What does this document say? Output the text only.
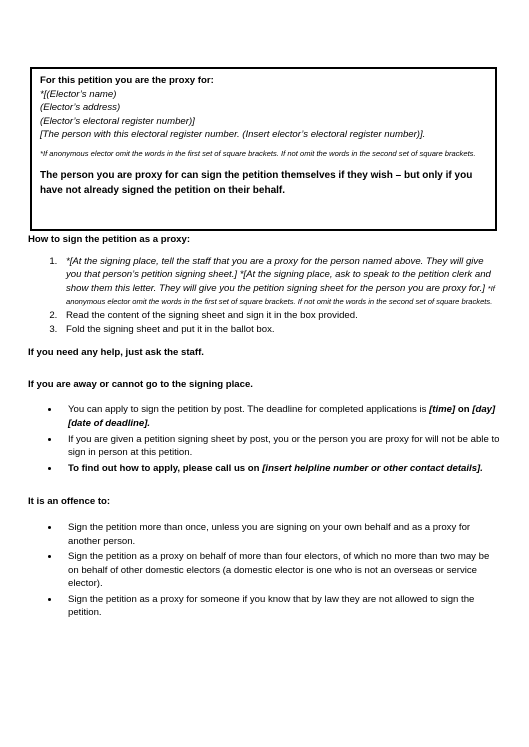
For this petition you are the proxy for:
*[(Elector’s name)
(Elector’s address)
(Elector’s electoral register number)]
[The person with this electoral register number. (Insert elector’s electoral register number)].
*If anonymous elector omit the words in the first set of square brackets. If not omit the words in the second set of square brackets.
The person you are proxy for can sign the petition themselves if they wish – but only if you have not already signed the petition on their behalf.
How to sign the petition as a proxy:
1. *[At the signing place, tell the staff that you are a proxy for the person named above. They will give you that person’s petition signing sheet.] *[At the signing place, ask to speak to the petition clerk and show them this letter. They will give you the petition signing sheet for the person you are proxy for.] *If anonymous elector omit the words in the first set of square brackets. If not omit the words in the second set of square brackets.
2. Read the content of the signing sheet and sign it in the box provided.
3. Fold the signing sheet and put it in the ballot box.
If you need any help, just ask the staff.
If you are away or cannot go to the signing place.
• You can apply to sign the petition by post. The deadline for completed applications is [time] on [day] [date of deadline].
• If you are given a petition signing sheet by post, you or the person you are proxy for will not be able to sign in person at this petition.
• To find out how to apply, please call us on [insert helpline number or other contact details].
It is an offence to:
• Sign the petition more than once, unless you are signing on your own behalf and as a proxy for another person.
• Sign the petition as a proxy on behalf of more than four electors, of which no more than two may be on behalf of other domestic electors (a domestic elector is one who is not an overseas or service elector).
• Sign the petition as a proxy for someone if you know that by law they are not allowed to sign the petition.
